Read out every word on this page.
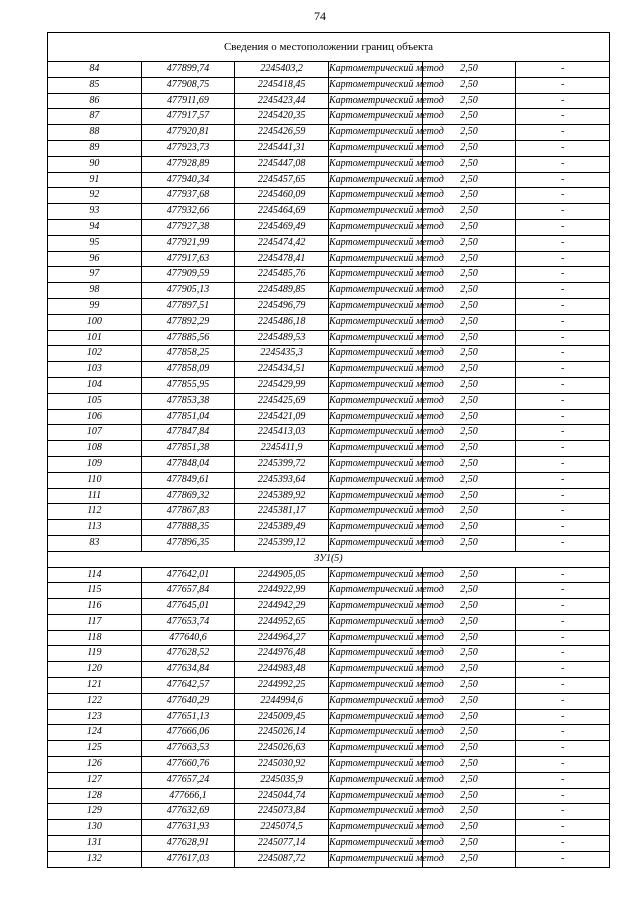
74
Сведения о местоположении границ объекта					
84	477899,74	2245403,2	Картометрический метод	2,50	-
85	477908,75	2245418,45	Картометрический метод	2,50	-
86	477911,69	2245423,44	Картометрический метод	2,50	-
87	477917,57	2245420,35	Картометрический метод	2,50	-
88	477920,81	2245426,59	Картометрический метод	2,50	-
89	477923,73	2245441,31	Картометрический метод	2,50	-
90	477928,89	2245447,08	Картометрический метод	2,50	-
91	477940,34	2245457,65	Картометрический метод	2,50	-
92	477937,68	2245460,09	Картометрический метод	2,50	-
93	477932,66	2245464,69	Картометрический метод	2,50	-
94	477927,38	2245469,49	Картометрический метод	2,50	-
95	477921,99	2245474,42	Картометрический метод	2,50	-
96	477917,63	2245478,41	Картометрический метод	2,50	-
97	477909,59	2245485,76	Картометрический метод	2,50	-
98	477905,13	2245489,85	Картометрический метод	2,50	-
99	477897,51	2245496,79	Картометрический метод	2,50	-
100	477892,29	2245486,18	Картометрический метод	2,50	-
101	477885,56	2245489,53	Картометрический метод	2,50	-
102	477858,25	2245435,3	Картометрический метод	2,50	-
103	477858,09	2245434,51	Картометрический метод	2,50	-
104	477855,95	2245429,99	Картометрический метод	2,50	-
105	477853,38	2245425,69	Картометрический метод	2,50	-
106	477851,04	2245421,09	Картометрический метод	2,50	-
107	477847,84	2245413,03	Картометрический метод	2,50	-
108	477851,38	2245411,9	Картометрический метод	2,50	-
109	477848,04	2245399,72	Картометрический метод	2,50	-
110	477849,61	2245393,64	Картометрический метод	2,50	-
111	477869,32	2245389,92	Картометрический метод	2,50	-
112	477867,83	2245381,17	Картометрический метод	2,50	-
113	477888,35	2245389,49	Картометрический метод	2,50	-
83	477896,35	2245399,12	Картометрический метод	2,50	-
ЗУ1(5)					
114	477642,01	2244905,05	Картометрический метод	2,50	-
115	477657,84	2244922,99	Картометрический метод	2,50	-
116	477645,01	2244942,29	Картометрический метод	2,50	-
117	477653,74	2244952,65	Картометрический метод	2,50	-
118	477640,6	2244964,27	Картометрический метод	2,50	-
119	477628,52	2244976,48	Картометрический метод	2,50	-
120	477634,84	2244983,48	Картометрический метод	2,50	-
121	477642,57	2244992,25	Картометрический метод	2,50	-
122	477640,29	2244994,6	Картометрический метод	2,50	-
123	477651,13	2245009,45	Картометрический метод	2,50	-
124	477666,06	2245026,14	Картометрический метод	2,50	-
125	477663,53	2245026,63	Картометрический метод	2,50	-
126	477660,76	2245030,92	Картометрический метод	2,50	-
127	477657,24	2245035,9	Картометрический метод	2,50	-
128	477666,1	2245044,74	Картометрический метод	2,50	-
129	477632,69	2245073,84	Картометрический метод	2,50	-
130	477631,93	2245074,5	Картометрический метод	2,50	-
131	477628,91	2245077,14	Картометрический метод	2,50	-
132	477617,03	2245087,72	Картометрический метод	2,50	-
